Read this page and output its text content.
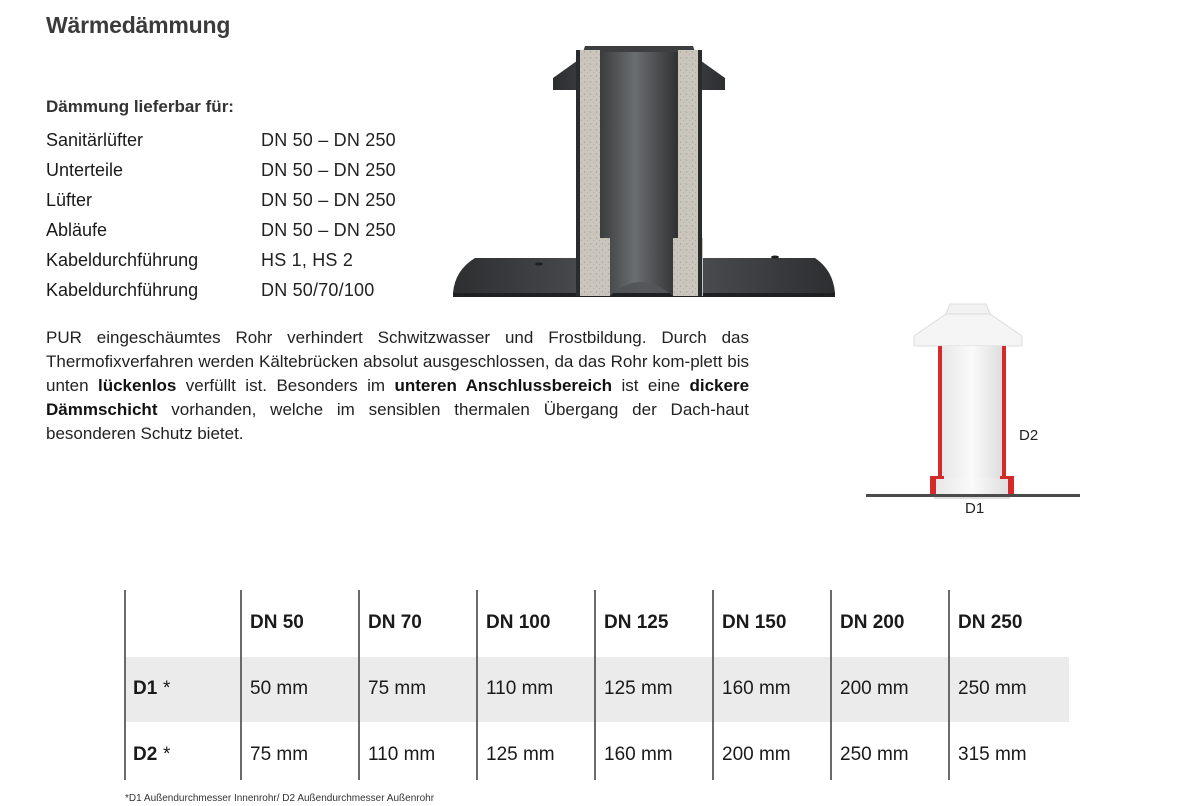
Wärmedämmung
Dämmung lieferbar für:
Sanitärlüfter	DN 50 – DN 250
Unterteile	DN 50 – DN 250
Lüfter	DN 50 – DN 250
Abläufe	DN 50 – DN 250
Kabeldurchführung	HS 1, HS 2
Kabeldurchführung	DN 50/70/100
PUR eingeschäumtes Rohr verhindert Schwitzwasser und Frostbildung. Durch das Thermofixverfahren werden Kältebrücken absolut ausgeschlossen, da das Rohr kom-plett bis unten lückenlos verfüllt ist. Besonders im unteren Anschlussbereich ist eine dickere Dämmschicht vorhanden, welche im sensiblen thermalen Übergang der Dach-haut besonderen Schutz bietet.	D2
D1
DN 50	DN 70	DN 100	DN 125	DN 150	DN 200	DN 250
D1 *	50 mm	75 mm	110 mm	125 mm	160 mm	200 mm	250 mm
D2 *	75 mm	110 mm	125 mm	160 mm	200 mm	250 mm	315 mm
*D1 Außendurchmesser Innenrohr/ D2 Außendurchmesser Außenrohr
